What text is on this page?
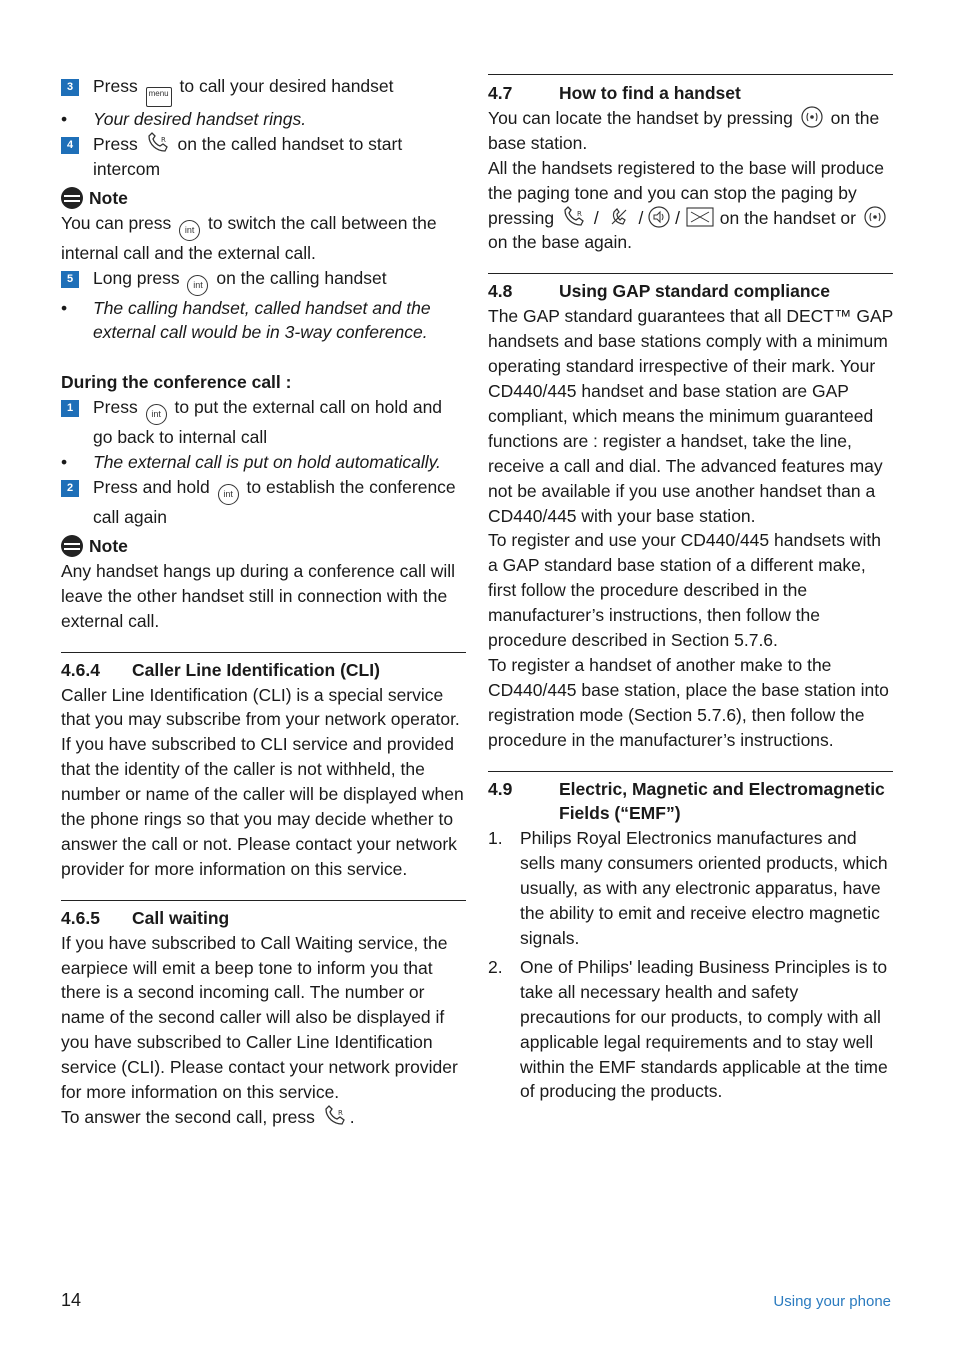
3	Press menu to call your desired handset
• Your desired handset rings.
4	Press	R on the called handset to start intercom
Note

You can press int to switch the call between the internal call and the external call.

5	Long press int on the calling handset
• The calling handset, called handset and the external call would be in 3-way conference.

During the conference call :

1	Press int to put the external call on hold and go back to internal call
• The external call is put on hold automatically.
2	Press and hold int to establish the conference call again
Note

Any handset hangs up during a conference call will leave the other handset still in connection with the external call.

4.6.4	Caller Line Identification (CLI)

Caller Line Identification (CLI) is a special service that you may subscribe from your network operator. If you have subscribed to CLI service and provided that the identity of the caller is not withheld, the number or name of the caller will be displayed when the phone rings so that you may decide whether to answer the call or not. Please contact your network provider for more information on this service.

4.6.5	Call waiting

If you have subscribed to Call Waiting service, the earpiece will emit a beep tone to inform you that there is a second incoming call. The number or name of the second caller will also be displayed if you have subscribed to Caller Line Identification service (CLI). Please contact your network provider for more information on this service.

To answer the second call, press	R .

4.7	How to find a handset

You can locate the handset by pressing on the base station.

All the handsets registered to the base will produce the paging tone and you can stop the paging by pressing	R / / / on the handset or  on the base again.

4.8	Using GAP standard compliance

The GAP standard guarantees that all DECT™ GAP handsets and base stations comply with a minimum operating standard irrespective of their mark. Your CD440/445 handset and base station are GAP compliant, which means the minimum guaranteed functions are : register a handset, take the line, receive a call and dial. The advanced features may not be available if you use another handset than a CD440/445 with your base station.

To register and use your CD440/445 handsets with a GAP standard base station of a different make, first follow the procedure described in the manufacturer’s instructions, then follow the procedure described in Section 5.7.6.

To register a handset of another make to the CD440/445 base station, place the base station into registration mode (Section 5.7.6), then follow the procedure in the manufacturer’s instructions.

4.9	Electric, Magnetic and Electromagnetic Fields (“EMF”)
1. Philips Royal Electronics manufactures and sells many consumers oriented products, which usually, as with any electronic apparatus, have the ability to emit and receive electro magnetic signals.
2. One of Philips' leading Business Principles is to take all necessary health and safety precautions for our products, to comply with all applicable legal requirements and to stay well within the EMF standards applicable at the time of producing the products.
14	Using your phone
